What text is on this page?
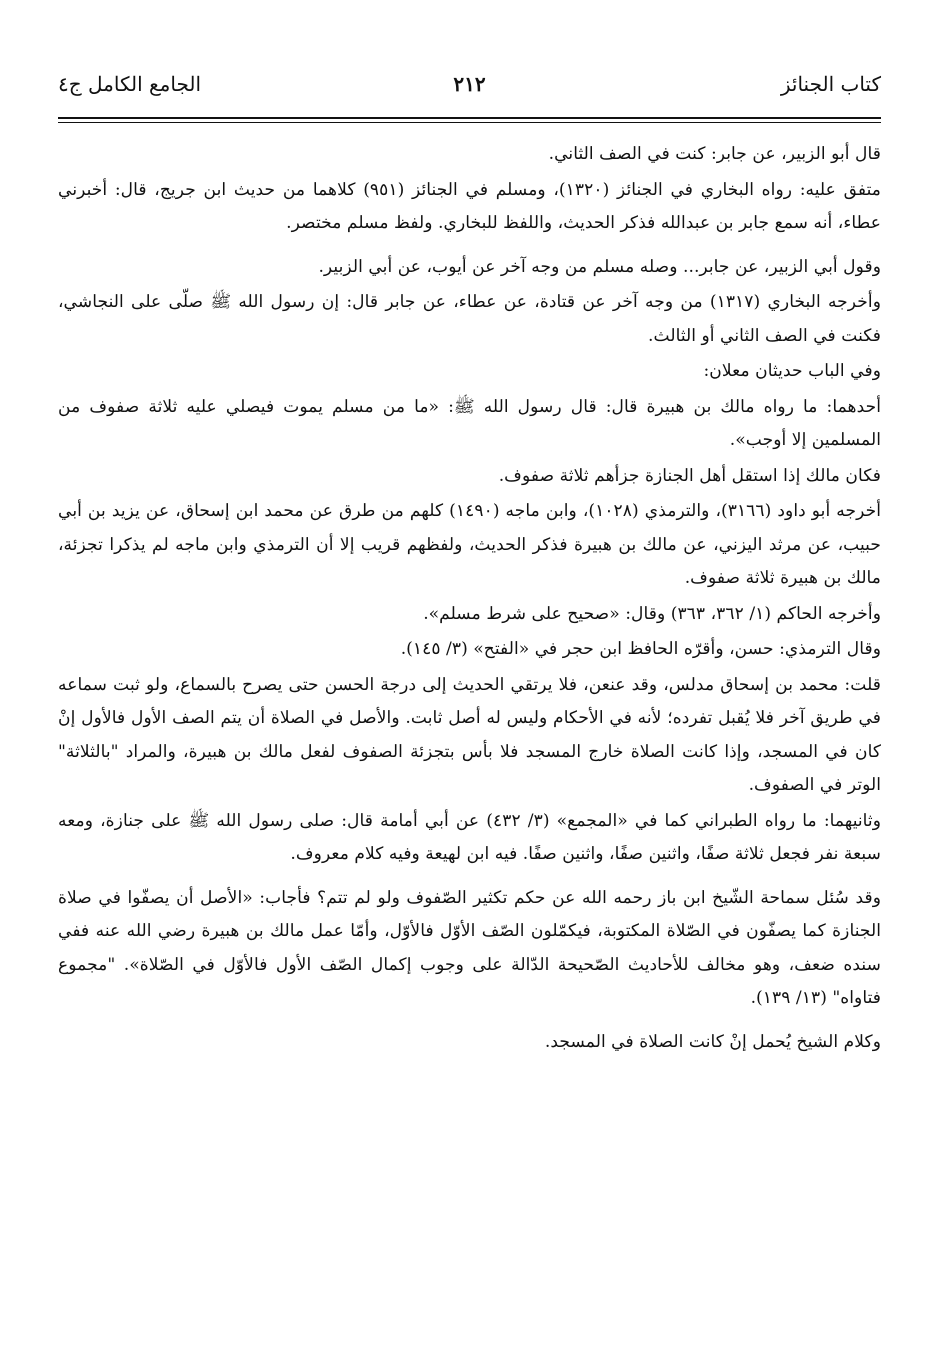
كتاب الجنائز
٢١٢
الجامع الكامل ج٤

قال أبو الزبير، عن جابر: كنت في الصف الثاني.

متفق عليه: رواه البخاري في الجنائز (١٣٢٠)، ومسلم في الجنائز (٩٥١) كلاهما من حديث ابن جريج، قال: أخبرني عطاء، أنه سمع جابر بن عبدالله فذكر الحديث، واللفظ للبخاري. ولفظ مسلم مختصر.

وقول أبي الزبير، عن جابر... وصله مسلم من وجه آخر عن أيوب، عن أبي الزبير.

وأخرجه البخاري (١٣١٧) من وجه آخر عن قتادة، عن عطاء، عن جابر قال: إن رسول الله ﷺ صلّى على النجاشي، فكنت في الصف الثاني أو الثالث.

وفي الباب حديثان معلان:

أحدهما: ما رواه مالك بن هبيرة قال: قال رسول الله ﷺ: «ما من مسلم يموت فيصلي عليه ثلاثة صفوف من المسلمين إلا أوجب».

فكان مالك إذا استقل أهل الجنازة جزأهم ثلاثة صفوف.

أخرجه أبو داود (٣١٦٦)، والترمذي (١٠٢٨)، وابن ماجه (١٤٩٠) كلهم من طرق عن محمد ابن إسحاق، عن يزيد بن أبي حبيب، عن مرثد اليزني، عن مالك بن هبيرة فذكر الحديث، ولفظهم قريب إلا أن الترمذي وابن ماجه لم يذكرا تجزئة، مالك بن هبيرة ثلاثة صفوف.

وأخرجه الحاكم (١/ ٣٦٢، ٣٦٣) وقال: «صحيح على شرط مسلم».

وقال الترمذي: حسن، وأقرّه الحافظ ابن حجر في «الفتح» (٣/ ١٤٥).

قلت: محمد بن إسحاق مدلس، وقد عنعن، فلا يرتقي الحديث إلى درجة الحسن حتى يصرح بالسماع، ولو ثبت سماعه في طريق آخر فلا يُقبل تفرده؛ لأنه في الأحكام وليس له أصل ثابت. والأصل في الصلاة أن يتم الصف الأول فالأول إنْ كان في المسجد، وإذا كانت الصلاة خارج المسجد فلا بأس بتجزئة الصفوف لفعل مالك بن هبيرة، والمراد "بالثلاثة" الوتر في الصفوف.

وثانيهما: ما رواه الطبراني كما في «المجمع» (٣/ ٤٣٢) عن أبي أمامة قال: صلى رسول الله ﷺ على جنازة، ومعه سبعة نفر فجعل ثلاثة صفًا، واثنين صفًا، واثنين صفًا. فيه ابن لهيعة وفيه كلام معروف.

وقد سُئل سماحة الشّيخ ابن باز رحمه الله عن حكم تكثير الصّفوف ولو لم تتم؟ فأجاب: «الأصل أن يصفّوا في صلاة الجنازة كما يصفّون في الصّلاة المكتوبة، فيكمّلون الصّف الأوّل فالأوّل، وأمّا عمل مالك بن هبيرة رضي الله عنه ففي سنده ضعف، وهو مخالف للأحاديث الصّحيحة الدّالة على وجوب إكمال الصّف الأول فالأوّل في الصّلاة». "مجموع فتاواه" (١٣/ ١٣٩).

وكلام الشيخ يُحمل إنْ كانت الصلاة في المسجد.
